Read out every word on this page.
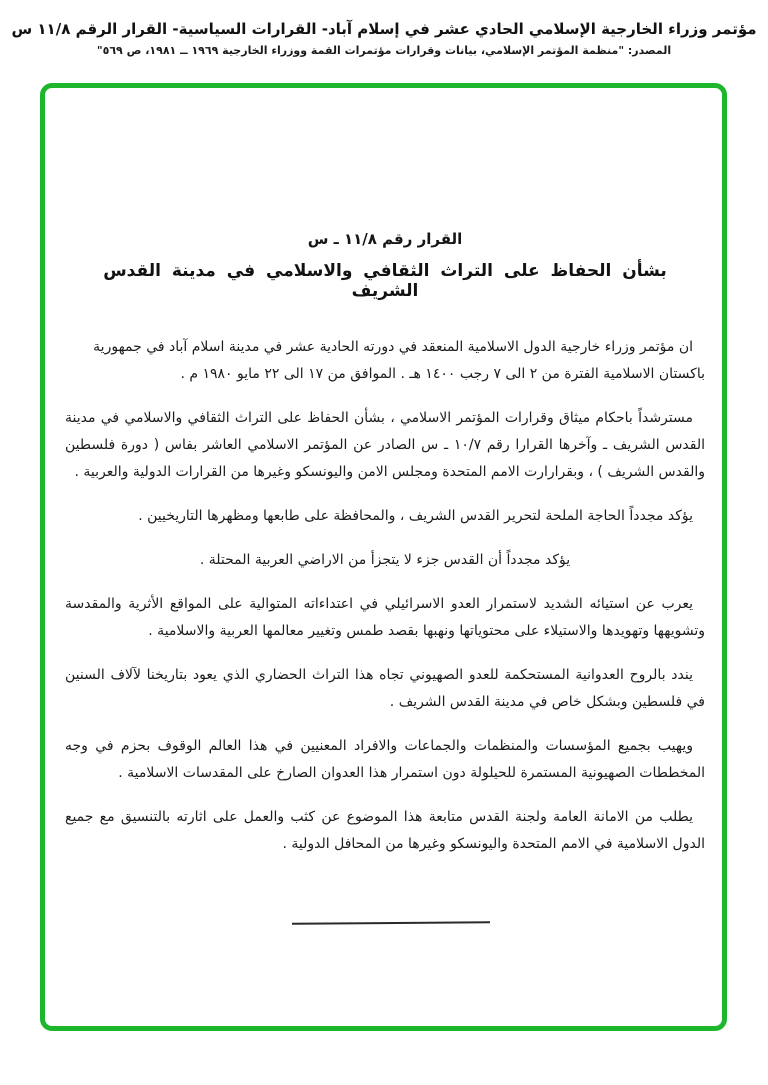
مؤتمر وزراء الخارجية الإسلامي الحادي عشر في إسلام آباد- القرارات السياسية- القرار الرقم ١١/٨ س
المصدر: "منظمة المؤتمر الإسلامي، بيانات وقرارات مؤتمرات القمة ووزراء الخارجية ١٩٦٩ ــ ١٩٨١، ص ٥٦٩"
القرار رقم ١١/٨ ـ س
بشأن الحفاظ على التراث الثقافي والاسلامي في مدينة القدس الشريف

ان مؤتمر وزراء خارجية الدول الاسلامية المنعقد في دورته الحادية عشر في مدينة اسلام آباد في جمهورية باكستان الاسلامية الفترة من ٢ الى ٧ رجب ١٤٠٠ هـ . الموافق من ١٧ الى ٢٢ مايو ١٩٨٠ م .

مسترشداً باحكام ميثاق وقرارات المؤتمر الاسلامي ، بشأن الحفاظ على التراث الثقافي والاسلامي في مدينة القدس الشريف ـ وآخرها القرارا رقم ١٠/٧ ـ س الصادر عن المؤتمر الاسلامي العاشر بفاس ( دورة فلسطين والقدس الشريف ) ، وبقرارارت الامم المتحدة ومجلس الامن واليونسكو وغيرها من القرارات الدولية والعربية .

يؤكد مجدداً الحاجة الملحة لتحرير القدس الشريف ، والمحافظة على طابعها ومظهرها التاريخيين .

يؤكد مجدداً أن القدس جزء لا يتجزأ من الاراضي العربية المحتلة .

يعرب عن استيائه الشديد لاستمرار العدو الاسرائيلي في اعتداءاته المتوالية على المواقع الأثرية والمقدسة وتشويهها وتهويدها والاستيلاء على محتوياتها ونهبها بقصد طمس وتغيير معالمها العربية والاسلامية .

يندد بالروح العدوانية المستحكمة للعدو الصهيوني تجاه هذا التراث الحضاري الذي يعود بتاريخنا لآلاف السنين في فلسطين وبشكل خاص في مدينة القدس الشريف .

ويهيب بجميع المؤسسات والمنظمات والجماعات والافراد المعنيين في هذا العالم الوقوف بحزم في وجه المخططات الصهيونية المستمرة للحيلولة دون استمرار هذا العدوان الصارخ على المقدسات الاسلامية .

يطلب من الامانة العامة ولجنة القدس متابعة هذا الموضوع عن كثب والعمل على اثارته بالتنسيق مع جميع الدول الاسلامية في الامم المتحدة واليونسكو وغيرها من المحافل الدولية .
